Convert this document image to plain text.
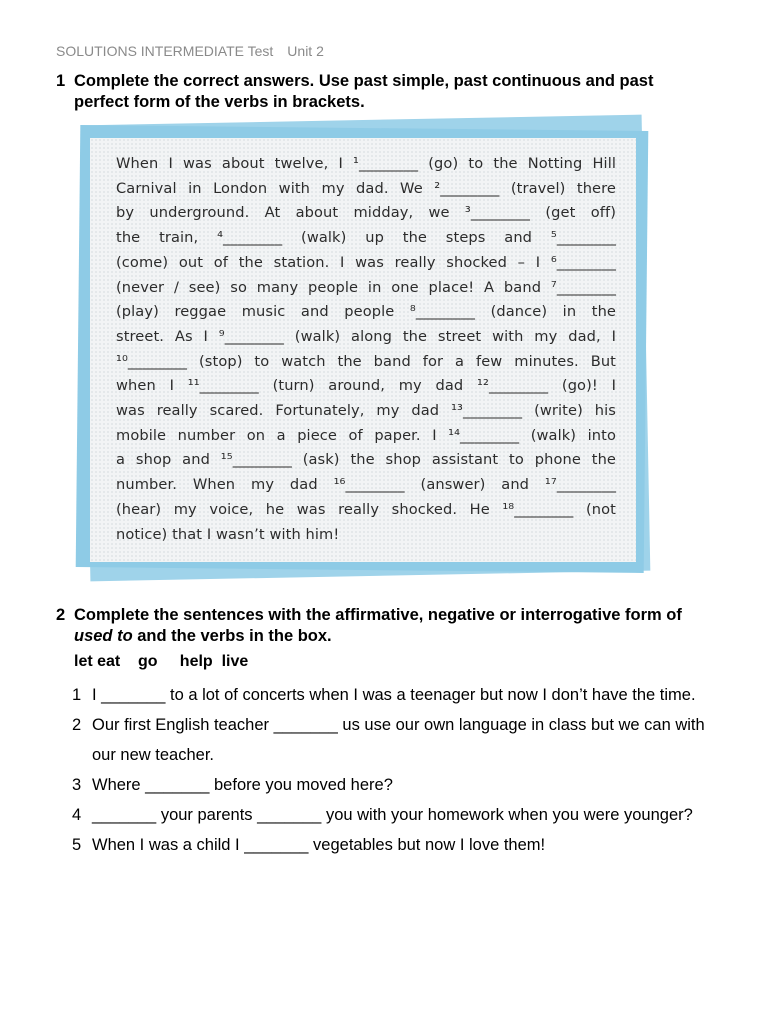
SOLUTIONS INTERMEDIATE Test Unit 2
1 Complete the correct answers. Use past simple, past continuous and past perfect form of the verbs in brackets.
When I was about twelve, I ¹________ (go) to the Notting Hill
Carnival in London with my dad. We ²________ (travel) there
by underground. At about midday, we ³________ (get off)
the train, ⁴________ (walk) up the steps and ⁵________
(come) out of the station. I was really shocked – I ⁶________
(never / see) so many people in one place! A band ⁷________
(play) reggae music and people ⁸________ (dance) in the
street. As I ⁹________ (walk) along the street with my dad, I
¹⁰________ (stop) to watch the band for a few minutes. But
when I ¹¹________ (turn) around, my dad ¹²________ (go)! I
was really scared. Fortunately, my dad ¹³________ (write) his
mobile number on a piece of paper. I ¹⁴________ (walk) into
a shop and ¹⁵________ (ask) the shop assistant to phone the
number. When my dad ¹⁶________ (answer) and ¹⁷________
(hear) my voice, he was really shocked. He ¹⁸________ (not
notice) that I wasn’t with him!
2 Complete the sentences with the affirmative, negative or interrogative form of used to and the verbs in the box.
let eat    go     help  live
1 I _______ to a lot of concerts when I was a teenager but now I don’t have the time.
2 Our first English teacher _______ us use our own language in class but we can with our new teacher.
3 Where _______ before you moved here?
4 _______ your parents _______ you with your homework when you were younger?
5 When I was a child I _______ vegetables but now I love them!
